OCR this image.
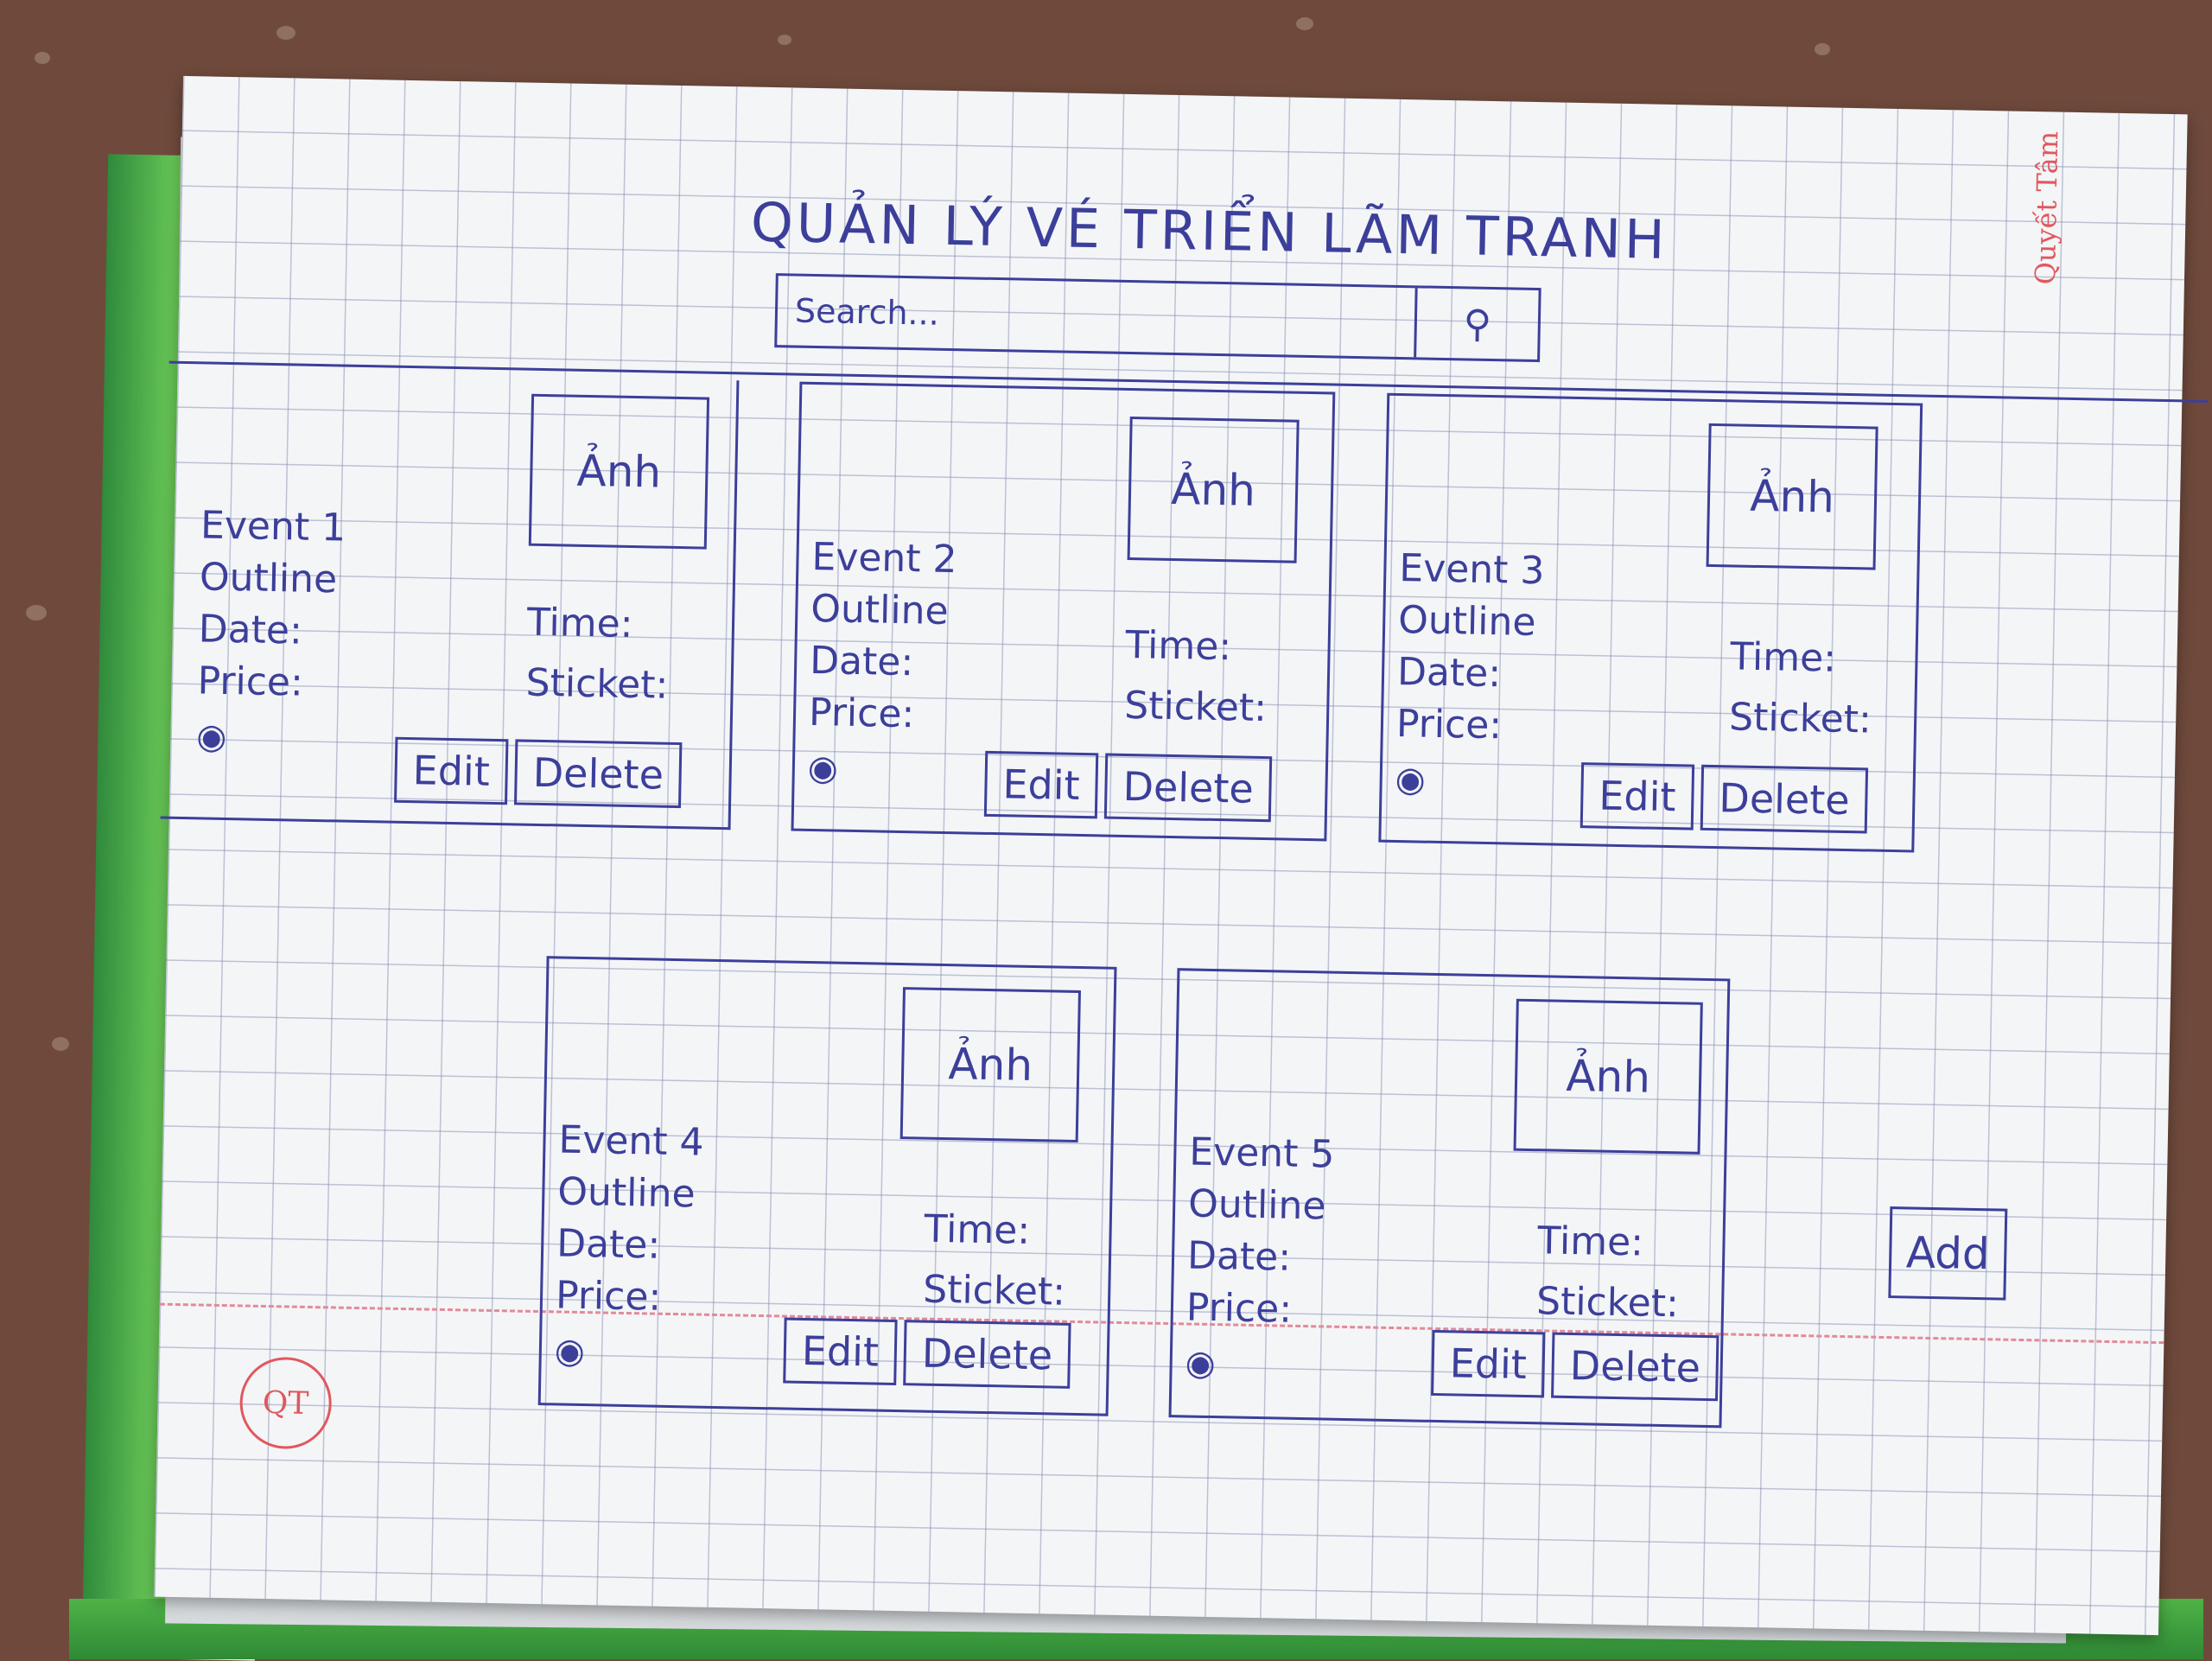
QUẢN LÝ VÉ TRIỂN LÃM TRANH
Search...
⚲
Ảnh
Event 1
Outline
Date:
Price:
◉
Time:
Sticket:
Edit	Delete
Ảnh
Event 2
Outline
Date:
Price:
◉
Time:
Sticket:
Edit	Delete
Ảnh
Event 3
Outline
Date:
Price:
◉
Time:
Sticket:
Edit	Delete
Ảnh
Event 4
Outline
Date:
Price:
◉
Time:
Sticket:
Edit	Delete
Ảnh
Event 5
Outline
Date:
Price:
◉
Time:
Sticket:
Edit	Delete
Add
Quyết Tâm
QT
